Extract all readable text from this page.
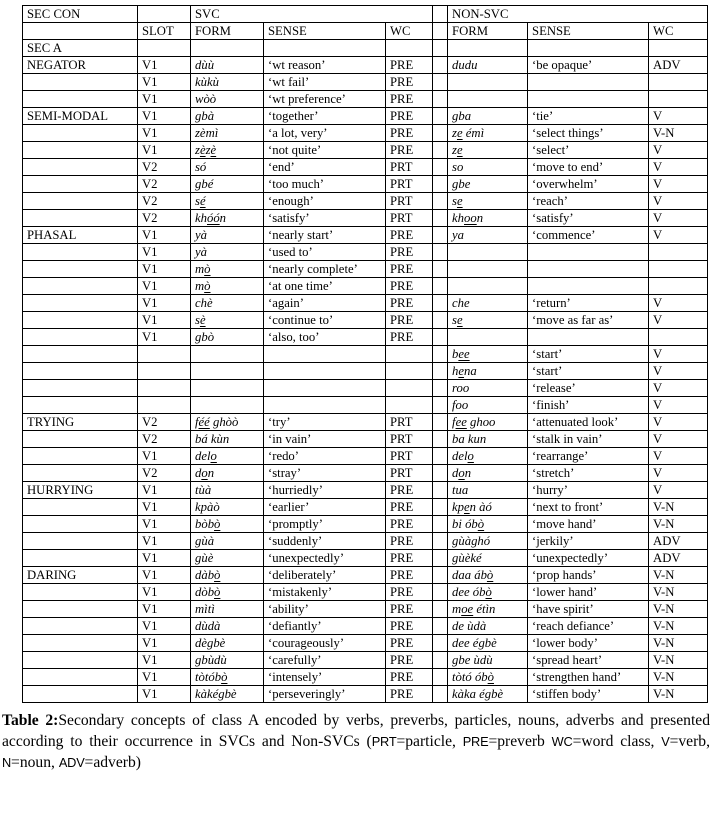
SEC CON		SVC				NON-SVC		
	SLOT	FORM	SENSE	WC		FORM	SENSE	WC
SEC A								
NEGATOR	V1	dùù	‘wt reason’	PRE		dudu	‘be opaque’	ADV
	V1	kùkù	‘wt fail’	PRE				
	V1	wòò	‘wt preference’	PRE				
SEMI-MODAL	V1	gbà	‘together’	PRE		gba	‘tie’	V
	V1	zèmì	‘a lot, very’	PRE		ze émì	‘select things’	V-N
	V1	zèzè	‘not quite’	PRE		ze	‘select’	V
	V2	só	‘end’	PRT		so	‘move to end’	V
	V2	gbé	‘too much’	PRT		gbe	‘overwhelm’	V
	V2	sé	‘enough’	PRT		se	‘reach’	V
	V2	khóón	‘satisfy’	PRT		khoon	‘satisfy’	V
PHASAL	V1	yà	‘nearly start’	PRE		ya	‘commence’	V
	V1	yà	‘used to’	PRE				
	V1	mò	‘nearly complete’	PRE				
	V1	mò	‘at one time’	PRE				
	V1	chè	‘again’	PRE		che	‘return’	V
	V1	sè	‘continue to’	PRE		se	‘move as far as’	V
	V1	gbò	‘also, too’	PRE				
						bee	‘start’	V
						hena	‘start’	V
						roo	‘release’	V
						foo	‘finish’	V
TRYING	V2	féé ghòò	‘try’	PRT		fee ghoo	‘attenuated look’	V
	V2	bá kùn	‘in vain’	PRT		ba kun	‘stalk in vain’	V
	V1	delo	‘redo’	PRT		delo	‘rearrange’	V
	V2	don	‘stray’	PRT		don	‘stretch’	V
HURRYING	V1	tùà	‘hurriedly’	PRE		tua	‘hurry’	V
	V1	kpàò	‘earlier’	PRE		kpen àó	‘next to front’	V-N
	V1	bòbò	‘promptly’	PRE		bi óbò	‘move hand’	V-N
	V1	gùà	‘suddenly’	PRE		gùàghó	‘jerkily’	ADV
	V1	gùè	‘unexpectedly’	PRE		gùèké	‘unexpectedly’	ADV
DARING	V1	dàbò	‘deliberately’	PRE		daa ábò	‘prop hands’	V-N
	V1	dòbò	‘mistakenly’	PRE		dee óbò	‘lower hand’	V-N
	V1	mìtì	‘ability’	PRE		moe étìn	‘have spirit’	V-N
	V1	dùdà	‘defiantly’	PRE		de ùdà	‘reach defiance’	V-N
	V1	dègbè	‘courageously’	PRE		dee égbè	‘lower body’	V-N
	V1	gbùdù	‘carefully’	PRE		gbe ùdù	‘spread heart’	V-N
	V1	tòtóbò	‘intensely’	PRE		tòtó óbò	‘strengthen hand’	V-N
	V1	kàkégbè	‘perseveringly’	PRE		kàka égbè	‘stiffen body’	V-N

Table 2:Secondary concepts of class A encoded by verbs, preverbs, particles, nouns, adverbs and presented according to their occurrence in SVCs and Non-SVCs (PRT=particle, PRE=preverb WC=word class, V=verb, N=noun, ADV=adverb)
